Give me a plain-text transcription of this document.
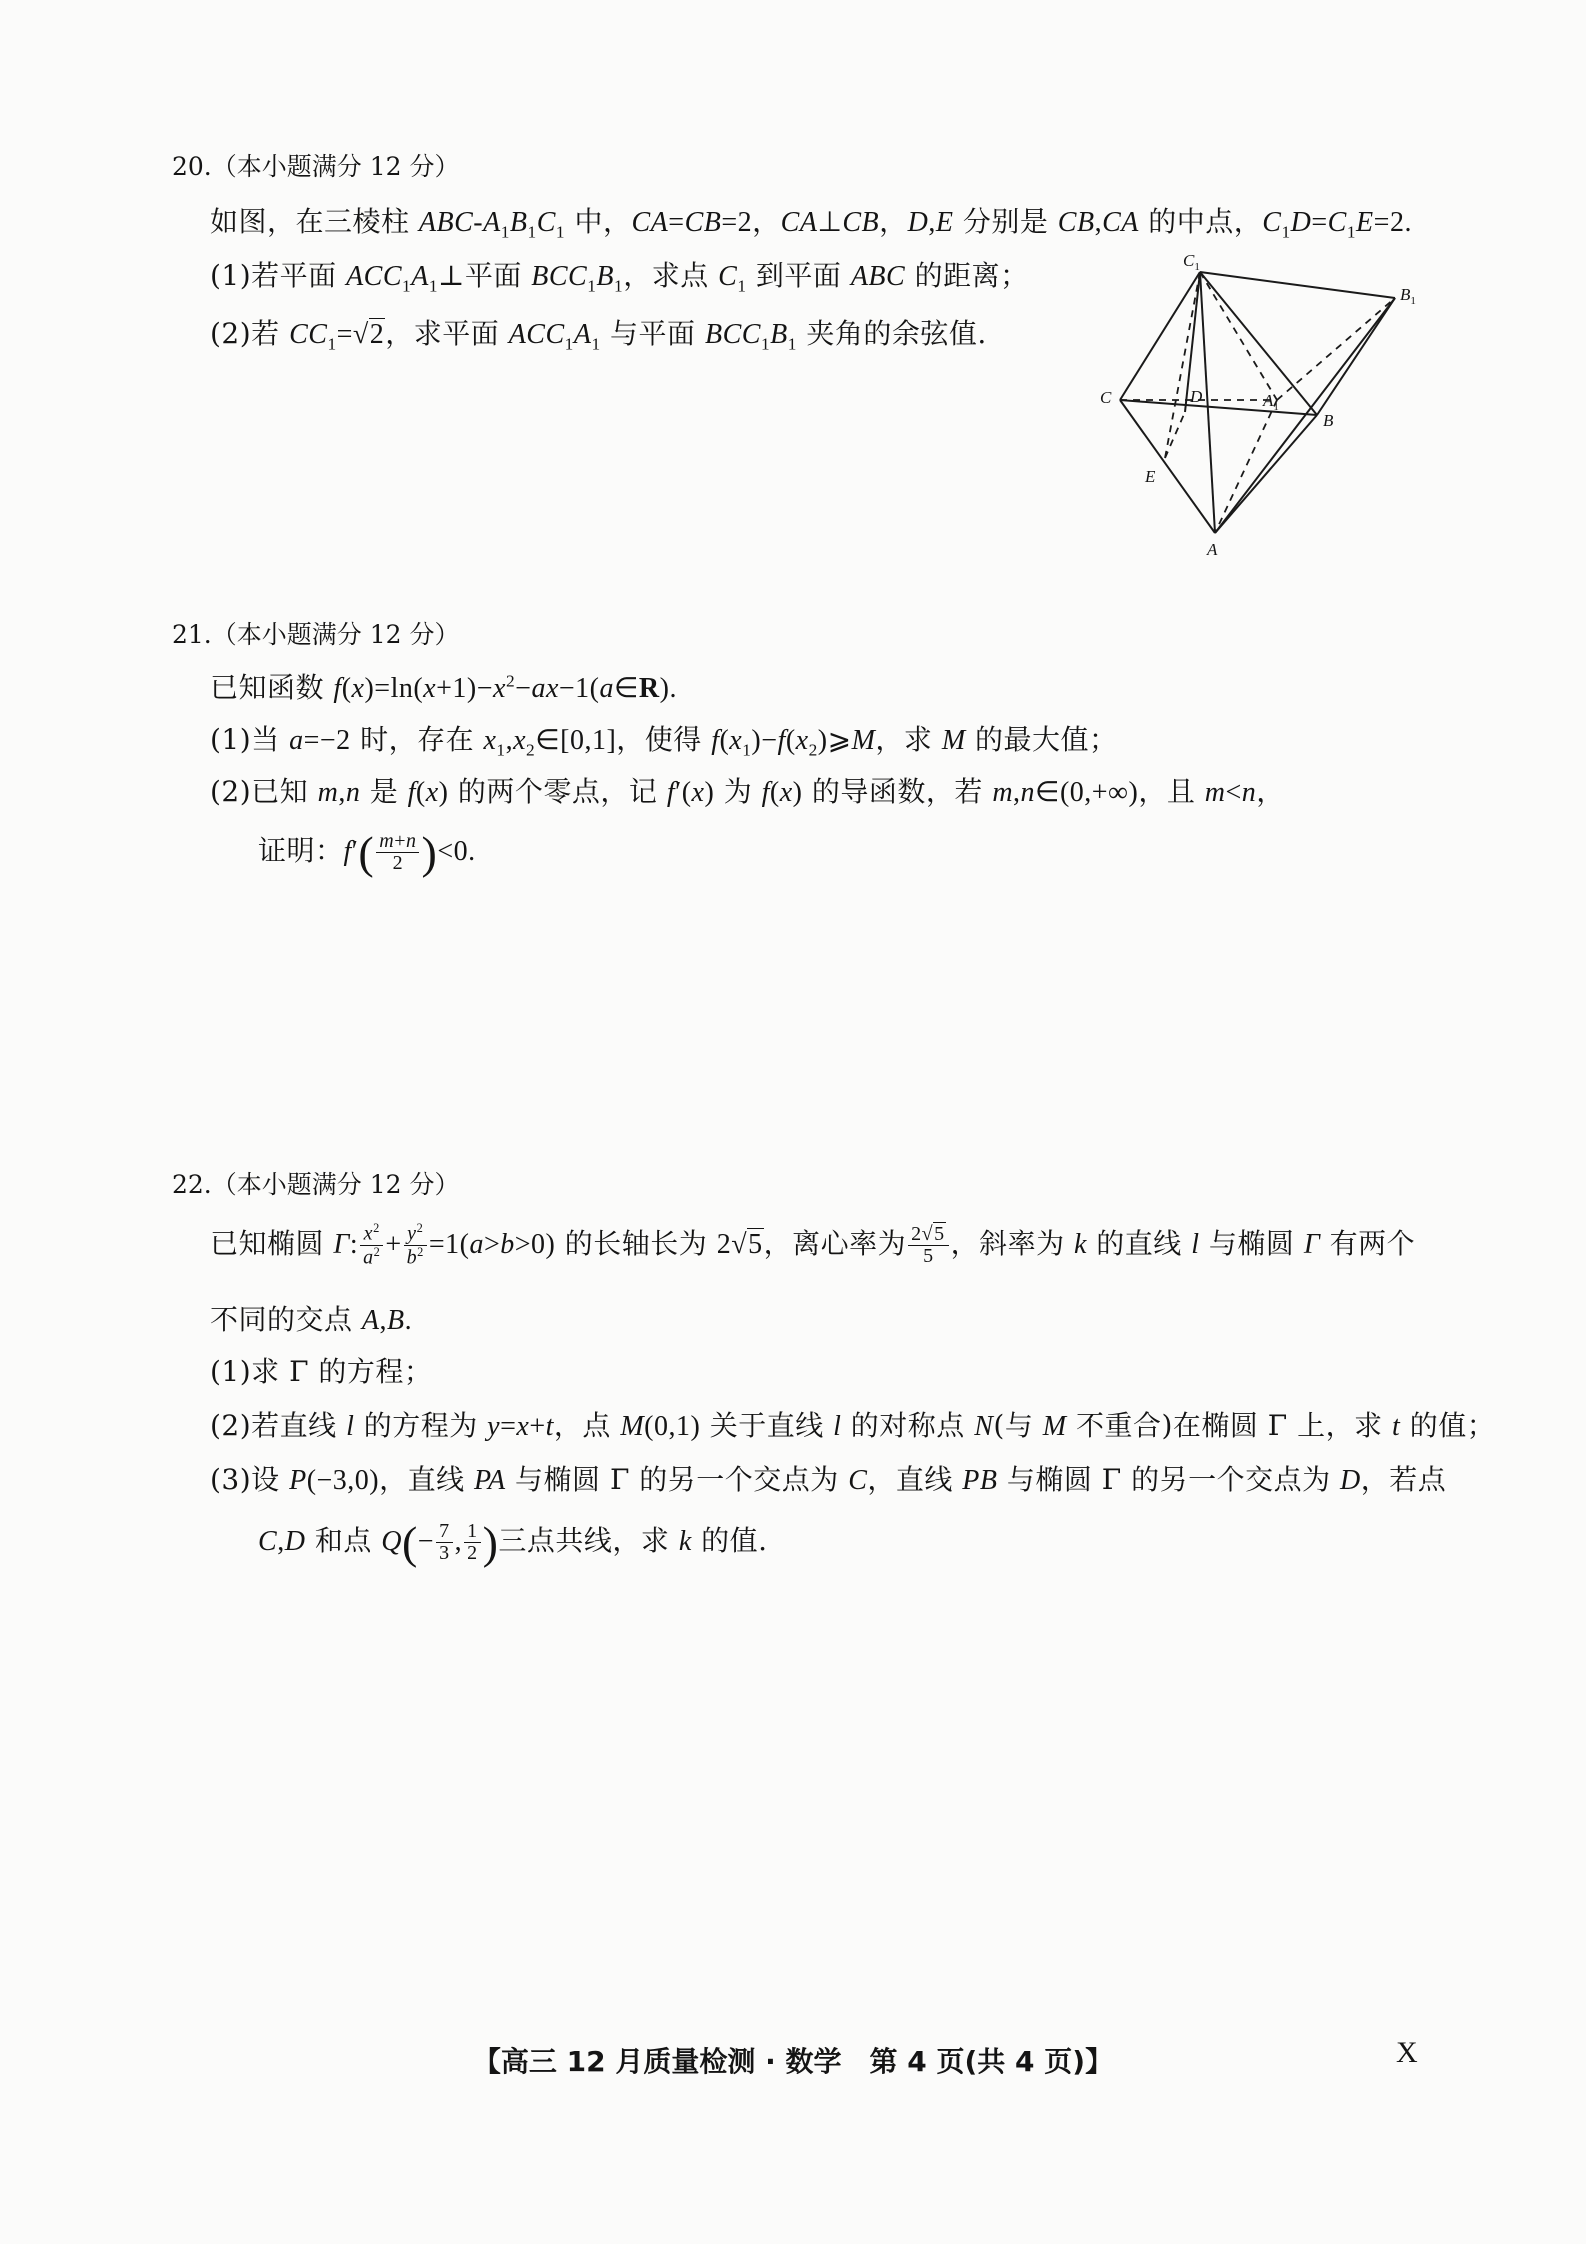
20.（本小题满分 12 分）
如图，在三棱柱 ABC-$A_1B_1C_1$ 中，CA=CB=2，CA⊥CB，D,E 分别是 CB,CA 的中点，$C_1D=C_1E=2$.
(1)若平面 $ACC_1A_1\perp$平面 $BCC_1B_1$，求点 $C_1$ 到平面 ABC 的距离；
(2)若 $CC_1=√2$，求平面 $ACC_1A_1$ 与平面 $BCC_1B_1$ 夹角的余弦值.
$C_1$
$B_1$
C	D	$A_1$
B
E
A
21.（本小题满分 12 分）
已知函数 $f(x)=\ln(x+1)-x^2-ax-1(a\in R)$.
(1)当 a=−2 时，存在 $x_1,x_2\in[0,1]$，使得 $f(x_1)-f(x_2)⩾M$，求 M 的最大值；
(2)已知 m,n 是 f(x) 的两个零点，记 f′(x) 为 f(x) 的导函数，若 m,n∈(0,+∞)，且 m<n，
证明：$f'( \frac{m+n}{2} )<0$.
22.（本小题满分 12 分）
已知椭圆 Γ: $\frac{x^2}{a^2} + \frac{y^2}{b^2} =1(a>b>0)$ 的长轴长为 2√5，离心率为 $\frac{2√5}{5}$ ，斜率为 k 的直线 l 与椭圆 Γ 有两个
不同的交点 A,B.
(1)求 Γ 的方程；
(2)若直线 l 的方程为 y=x+t，点 M(0,1) 关于直线 l 的对称点 N(与 M 不重合)在椭圆 Γ 上，求 t 的值；
(3)设 P(−3,0)，直线 PA 与椭圆 Γ 的另一个交点为 C，直线 PB 与椭圆 Γ 的另一个交点为 D，若点
C,D 和点 $Q(- \frac{7}{3}$ , $\frac{1}{2}$ )三点共线，求 k 的值.
【高三 12 月质量检测 · 数学　第 4 页(共 4 页)】	X
